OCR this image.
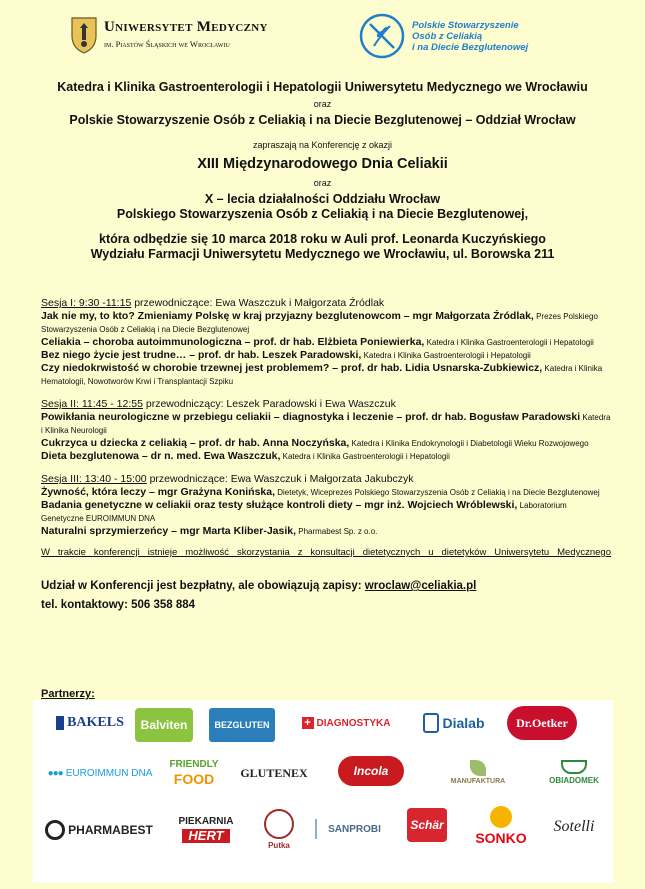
Uniwersytet Medyczny
im. Piastów Śląskich we Wrocławiu
Polskie Stowarzyszenie
Osób z Celiakią
i na Diecie Bezglutenowej
Katedra i Klinika Gastroenterologii i Hepatologii Uniwersytetu Medycznego we Wrocławiu
oraz
Polskie Stowarzyszenie Osób z Celiakią i na Diecie Bezglutenowej – Oddział Wrocław
zapraszają na Konferencję z okazji
XIII Międzynarodowego Dnia Celiakii
oraz
X – lecia działalności Oddziału Wrocław
Polskiego Stowarzyszenia Osób z Celiakią i na Diecie Bezglutenowej,
która odbędzie się 10 marca 2018 roku w Auli prof. Leonarda Kuczyńskiego
Wydziału Farmacji Uniwersytetu Medycznego we Wrocławiu, ul. Borowska 211
Sesja I: 9:30 -11:15 przewodniczące: Ewa Waszczuk i Małgorzata Źródlak
Jak nie my, to kto? Zmieniamy Polskę w kraj przyjazny bezglutenowcom – mgr Małgorzata Źródlak, Prezes Polskiego Stowarzyszenia Osób z Celiakią i na Diecie Bezglutenowej
Celiakia – choroba autoimmunologiczna – prof. dr hab. Elżbieta Poniewierka, Katedra i Klinika Gastroenterologii i Hepatologii
Bez niego życie jest trudne… – prof. dr hab. Leszek Paradowski, Katedra i Klinika Gastroenterologii i Hepatologii
Czy niedokrwistość w chorobie trzewnej jest problemem? – prof. dr hab. Lidia Usnarska-Zubkiewicz, Katedra i Klinika Hematologii, Nowotworów Krwi i Transplantacji Szpiku
Sesja II: 11:45 - 12:55 przewodniczący: Leszek Paradowski i Ewa Waszczuk
Powikłania neurologiczne w przebiegu celiakii – diagnostyka i leczenie – prof. dr hab. Bogusław Paradowski Katedra i Klinika Neurologii
Cukrzyca u dziecka z celiakią – prof. dr hab. Anna Noczyńska, Katedra i Klinika Endokrynologii i Diabetologii Wieku Rozwojowego
Dieta bezglutenowa – dr n. med. Ewa Waszczuk, Katedra i Klinika Gastroenterologii i Hepatologii
Sesja III: 13:40 - 15:00 przewodniczące: Ewa Waszczuk i Małgorzata Jakubczyk
Żywność, która leczy – mgr Grażyna Konińska, Dietetyk, Wiceprezes Polskiego Stowarzyszenia Osób z Celiakią i na Diecie Bezglutenowej
Badania genetyczne w celiakii oraz testy służące kontroli diety – mgr inż. Wojciech Wróblewski, Laboratorium Genetyczne EUROIMMUN DNA
Naturalni sprzymierzeńcy – mgr Marta Kliber-Jasik, Pharmabest Sp. z o.o.
W trakcie konferencji istnieje możliwość skorzystania z konsultacji dietetycznych u dietetyków Uniwersytetu Medycznego
Udział w Konferencji jest bezpłatny, ale obowiązują zapisy: wroclaw@celiakia.pl
tel. kontaktowy: 506 358 884
Partnerzy:
BAKELS	Balviten	BEZGLUTEN	+ DIAGNOSTYKA	Dialab	Dr.Oetker
●●● EUROIMMUN DNA
FRIENDLY
FOOD GLUTENEX	Incola
MANUFAKTURA	OBIADOMEK
PHARMABEST
PIEKARNIA
HERT
Putka
SANPROBI Schär
SONKO
Sotelli
